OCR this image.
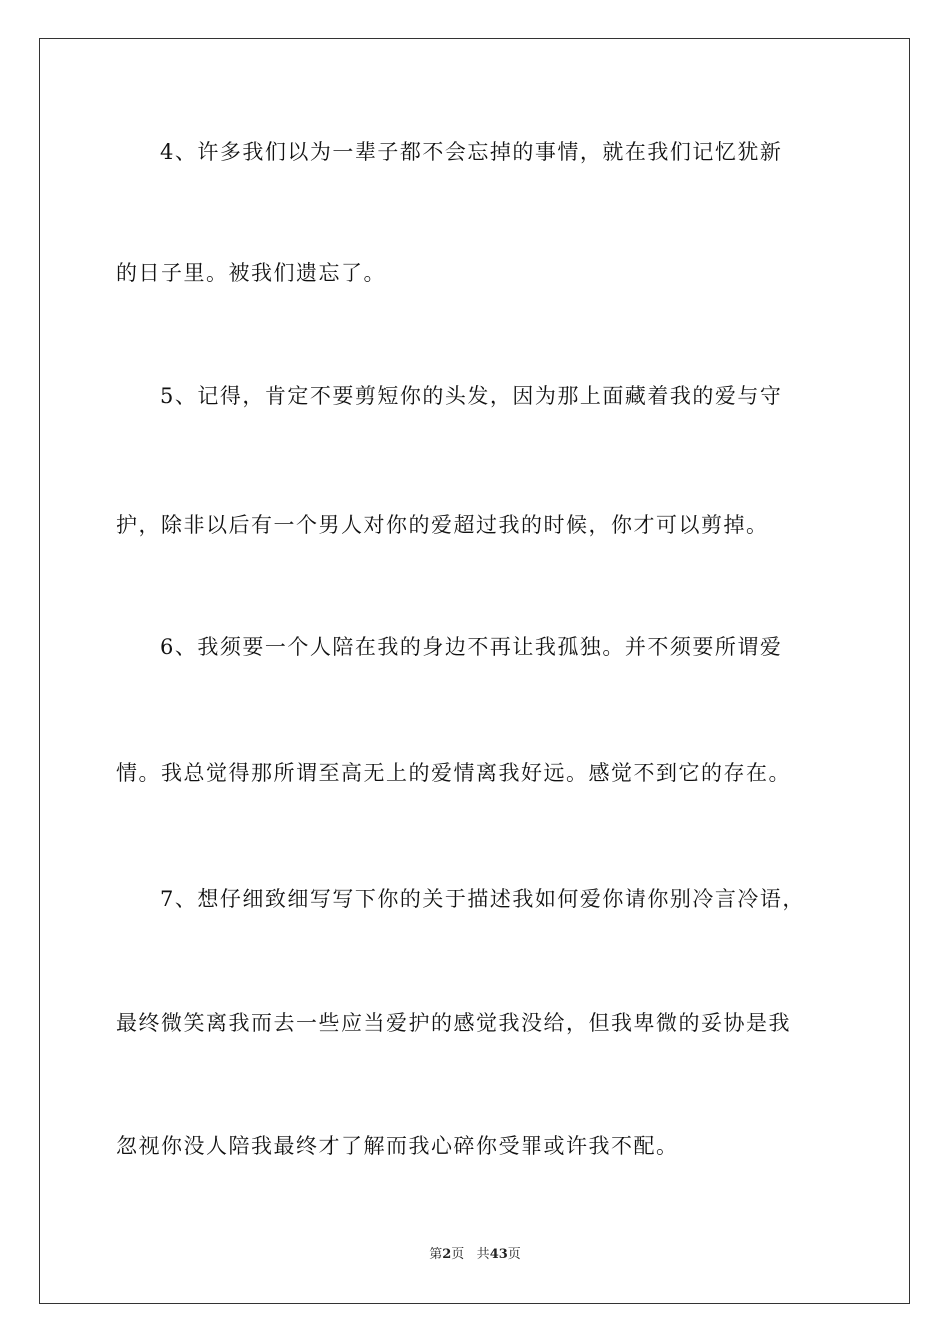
4、许多我们以为一辈子都不会忘掉的事情，就在我们记忆犹新
的日子里。被我们遗忘了。
5、记得，肯定不要剪短你的头发，因为那上面藏着我的爱与守
护，除非以后有一个男人对你的爱超过我的时候，你才可以剪掉。
6、我须要一个人陪在我的身边不再让我孤独。并不须要所谓爱
情。我总觉得那所谓至高无上的爱情离我好远。感觉不到它的存在。
7、想仔细致细写写下你的关于描述我如何爱你请你别冷言冷语，
最终微笑离我而去一些应当爱护的感觉我没给，但我卑微的妥协是我
忽视你没人陪我最终才了解而我心碎你受罪或许我不配。
第2页 共43页
